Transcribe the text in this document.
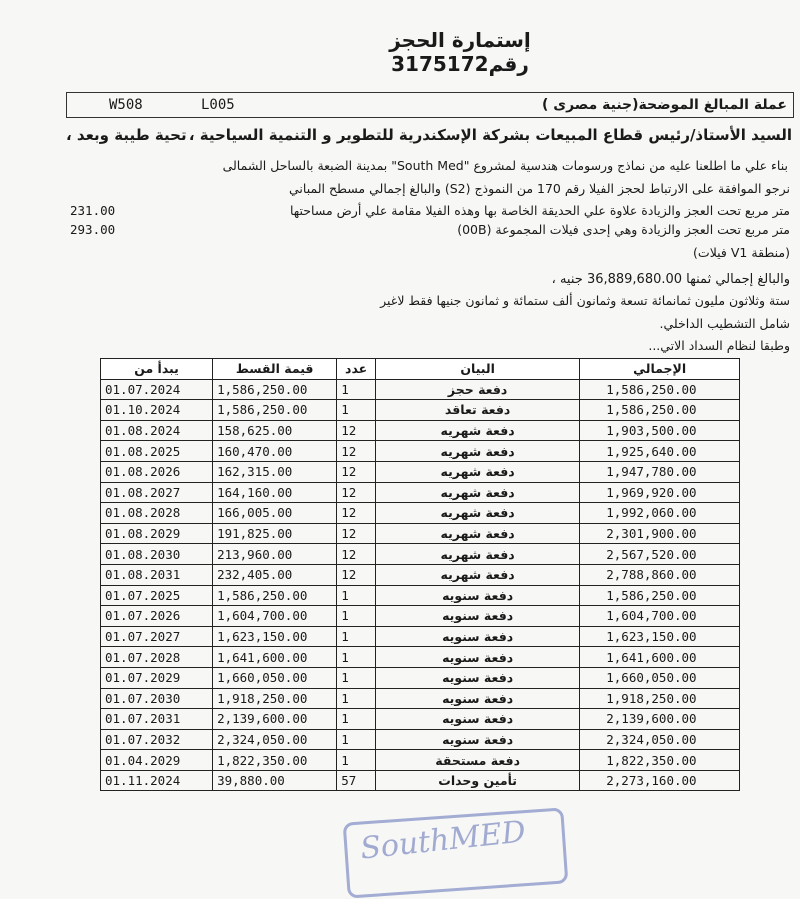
إستمارة الحجز رقم3175172
عملة المبالغ الموضحة(جنية مصرى )
W508	L005
السيد الأستاذ/رئيس قطاع المبيعات بشركة الإسكندرية للتطوير و التنمية السياحية ،
تحية طيبة وبعد ،
بناء علي ما اطلعنا عليه من نماذج ورسومات هندسية لمشروع "South Med" بمدينة الضبعة بالساحل الشمالى
نرجو الموافقة على الارتباط لحجز الفيلا رقم 170 من النموذج (S2) والبالغ إجمالي مسطح المباني
متر مربع تحت العجز والزيادة علاوة علي الحديقة الخاصة بها وهذه الفيلا مقامة علي أرض مساحتها
231.00
متر مربع تحت العجز والزيادة وهي إحدى فيلات المجموعة (00B)
293.00
(منطقة V1 فيلات)
والبالغ إجمالي ثمنها 36,889,680.00 جنيه ،
ستة وثلاثون مليون ثمانمائة تسعة وثمانون ألف ستمائة و ثمانون جنيها فقط لاغير
شامل التشطيب الداخلي.
وطبقا لنظام السداد الاتي...
يبدأ من	قيمة القسط	عدد	البيان	الإجمالي
01.07.2024	1,586,250.00	1	دفعة حجز	1,586,250.00
01.10.2024	1,586,250.00	1	دفعة تعاقد	1,586,250.00
01.08.2024	158,625.00	12	دفعة شهريه	1,903,500.00
01.08.2025	160,470.00	12	دفعة شهريه	1,925,640.00
01.08.2026	162,315.00	12	دفعة شهريه	1,947,780.00
01.08.2027	164,160.00	12	دفعة شهريه	1,969,920.00
01.08.2028	166,005.00	12	دفعة شهريه	1,992,060.00
01.08.2029	191,825.00	12	دفعة شهريه	2,301,900.00
01.08.2030	213,960.00	12	دفعة شهريه	2,567,520.00
01.08.2031	232,405.00	12	دفعة شهريه	2,788,860.00
01.07.2025	1,586,250.00	1	دفعة سنويه	1,586,250.00
01.07.2026	1,604,700.00	1	دفعة سنويه	1,604,700.00
01.07.2027	1,623,150.00	1	دفعة سنويه	1,623,150.00
01.07.2028	1,641,600.00	1	دفعة سنويه	1,641,600.00
01.07.2029	1,660,050.00	1	دفعة سنويه	1,660,050.00
01.07.2030	1,918,250.00	1	دفعة سنويه	1,918,250.00
01.07.2031	2,139,600.00	1	دفعة سنويه	2,139,600.00
01.07.2032	2,324,050.00	1	دفعة سنويه	2,324,050.00
01.04.2029	1,822,350.00	1	دفعة مستحقة	1,822,350.00
01.11.2024	39,880.00	57	تأمين وحدات	2,273,160.00
SouthMED
